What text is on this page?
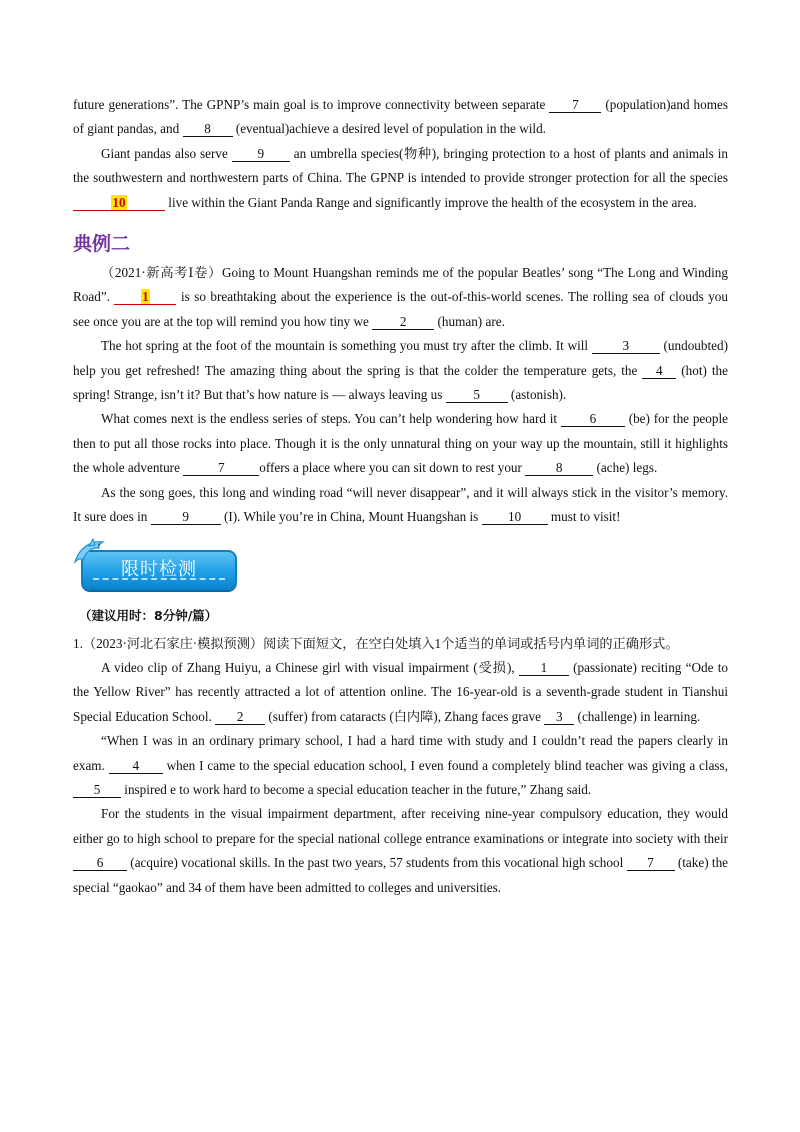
future generations”. The GPNP’s main goal is to improve connectivity between separate 7 (population)and homes of giant pandas, and 8 (eventual)achieve a desired level of population in the wild.

Giant pandas also serve 9 an umbrella species(物种), bringing protection to a host of plants and animals in the southwestern and northwestern parts of China. The GPNP is intended to provide stronger protection for all the species 10	live within the Giant Panda Range and significantly improve the health of the ecosystem in the area.

典例二

（2021·新高考Ⅰ卷）Going to Mount Huangshan reminds me of the popular Beatles’ song “The Long and Winding Road”. 1 is so breathtaking about the experience is the out-of-this-world scenes. The rolling sea of clouds you see once you are at the top will remind you how tiny we 2 (human) are.

The hot spring at the foot of the mountain is something you must try after the climb. It will 3 (undoubted) help you get refreshed! The amazing thing about the spring is that the colder the temperature gets, the 4 (hot) the spring! Strange, isn’t it? But that’s how nature is — always leaving us 5 (astonish).

What comes next is the endless series of steps. You can’t help wondering how hard it 6 (be) for the people then to put all those rocks into place. Though it is the only unnatural thing on your way up the mountain, still it highlights the whole adventure	7	offers a place where you can sit down to rest your 8 (ache) legs.

As the song goes, this long and winding road “will never disappear”, and it will always stick in the visitor’s memory. It sure does in 9 (I). While you’re in China, Mount Huangshan is 10 must to visit!

限时检测
（建议用时：8分钟/篇）

1.（2023·河北石家庄·模拟预测）阅读下面短文，在空白处填入1个适当的单词或括号内单词的正确形式。

A video clip of Zhang Huiyu, a Chinese girl with visual impairment (受损), 1 (passionate) reciting “Ode to the Yellow River” has recently attracted a lot of attention online. The 16-year-old is a seventh-grade student in Tianshui Special Education School. 2 (suffer) from cataracts (白内障), Zhang faces grave 3 (challenge) in learning.

“When I was in an ordinary primary school, I had a hard time with study and I couldn’t read the papers clearly in exam. 4 when I came to the special education school, I even found a completely blind teacher was giving a class, 5 inspired e to work hard to become a special education teacher in the future,” Zhang said.

For the students in the visual impairment department, after receiving nine-year compulsory education, they would either go to high school to prepare for the special national college entrance examinations or integrate into society with their 6 (acquire) vocational skills. In the past two years, 57 students from this vocational high school 7 (take) the special “gaokao” and 34 of them have been admitted to colleges and universities.
